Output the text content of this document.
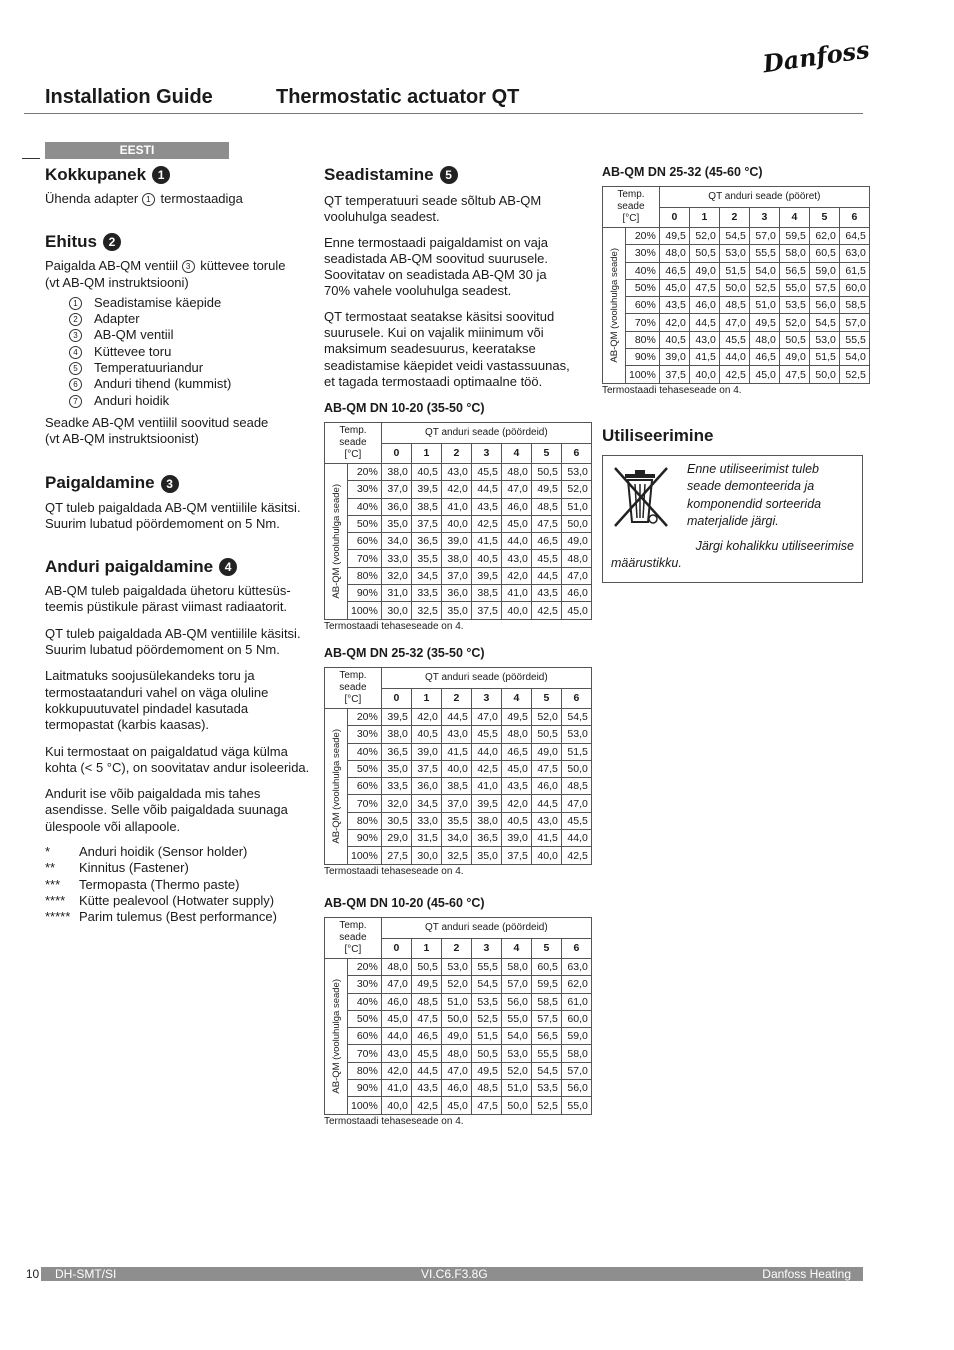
Danfoss
Installation Guide	Thermostatic actuator QT
EESTI
Kokkupanek 1

Ühenda adapter 1 termostaadiga

Ehitus 2

Paigalda AB-QM ventiil 3 küttevee torule

(vt AB-QM instruktsiooni)

1 Seadistamise käepide
2 Adapter
3 AB-QM ventiil
4 Küttevee toru
5 Temperatuuriandur
6 Anduri tihend (kummist)
7 Anduri hoidik

Seadke AB-QM ventiilil soovitud seade

(vt AB-QM instruktsioonist)

Paigaldamine 3

QT tuleb paigaldada AB-QM ventiilile käsitsi.

Suurim lubatud pöördemoment on 5 Nm.

Anduri paigaldamine 4

AB-QM tuleb paigaldada ühetoru küttesüs-
teemis püstikule pärast viimast radiaatorit.

QT tuleb paigaldada AB-QM ventiilile käsitsi.
Suurim lubatud pöördemoment on 5 Nm.

Laitmatuks soojusülekandeks toru ja
termostaatanduri vahel on väga oluline
kokkupuutuvatel pindadel kasutada
termopastat (karbis kaasas).

Kui termostaat on paigaldatud väga külma
kohta (< 5 °C), on soovitatav andur isoleerida.

Andurit ise võib paigaldada mis tahes
asendisse. Selle võib paigaldada suunaga
ülespoole või allapoole.

*	Anduri hoidik (Sensor holder)
**	Kinnitus (Fastener)
***	Termopasta (Thermo paste)
****	Kütte pealevool (Hotwater supply)
***** Parim tulemus (Best performance)
Seadistamine 5

QT temperatuuri seade sõltub AB-QM
vooluhulga seadest.

Enne termostaadi paigaldamist on vaja
seadistada AB-QM soovitud suurusele.
Soovitatav on seadistada AB-QM 30 ja
70% vahele vooluhulga seadest.

QT termostaat seatakse käsitsi soovitud
suurusele. Kui on vajalik miinimum või
maksimum seadesuurus, keeratakse
seadistamise käepidet veidi vastassuunas,
et tagada termostaadi optimaalne töö.

AB-QM DN 10-20 (35-50 °C)
Temp.
seade
[°C]		QT anduri seade (pöördeid)						
		0	1	2	3	4	5	6

AB-QM (vooluhulga seade)	20%	38,0	40,5	43,0	45,5	48,0	50,5	53,0
	30%	37,0	39,5	42,0	44,5	47,0	49,5	52,0
	40%	36,0	38,5	41,0	43,5	46,0	48,5	51,0
	50%	35,0	37,5	40,0	42,5	45,0	47,5	50,0
	60%	34,0	36,5	39,0	41,5	44,0	46,5	49,0
	70%	33,0	35,5	38,0	40,5	43,0	45,5	48,0
	80%	32,0	34,5	37,0	39,5	42,0	44,5	47,0
	90%	31,0	33,5	36,0	38,5	41,0	43,5	46,0
	100%	30,0	32,5	35,0	37,5	40,0	42,5	45,0
Termostaadi tehaseseade on 4.
AB-QM DN 25-32 (35-50 °C)
Temp.
seade
[°C]		QT anduri seade (pöördeid)						
		0	1	2	3	4	5	6

AB-QM (vooluhulga seade)	20%	39,5	42,0	44,5	47,0	49,5	52,0	54,5
	30%	38,0	40,5	43,0	45,5	48,0	50,5	53,0
	40%	36,5	39,0	41,5	44,0	46,5	49,0	51,5
	50%	35,0	37,5	40,0	42,5	45,0	47,5	50,0
	60%	33,5	36,0	38,5	41,0	43,5	46,0	48,5
	70%	32,0	34,5	37,0	39,5	42,0	44,5	47,0
	80%	30,5	33,0	35,5	38,0	40,5	43,0	45,5
	90%	29,0	31,5	34,0	36,5	39,0	41,5	44,0
	100%	27,5	30,0	32,5	35,0	37,5	40,0	42,5
Termostaadi tehaseseade on 4.
AB-QM DN 10-20 (45-60 °C)
Temp.
seade
[°C]		QT anduri seade (pöördeid)						
		0	1	2	3	4	5	6

AB-QM (vooluhulga seade)	20%	48,0	50,5	53,0	55,5	58,0	60,5	63,0
	30%	47,0	49,5	52,0	54,5	57,0	59,5	62,0
	40%	46,0	48,5	51,0	53,5	56,0	58,5	61,0
	50%	45,0	47,5	50,0	52,5	55,0	57,5	60,0
	60%	44,0	46,5	49,0	51,5	54,0	56,5	59,0
	70%	43,0	45,5	48,0	50,5	53,0	55,5	58,0
	80%	42,0	44,5	47,0	49,5	52,0	54,5	57,0
	90%	41,0	43,5	46,0	48,5	51,0	53,5	56,0
	100%	40,0	42,5	45,0	47,5	50,0	52,5	55,0
Termostaadi tehaseseade on 4.
AB-QM DN 25-32 (45-60 °C)
Temp.
seade
[°C]		QT anduri seade (pööret)						
		0	1	2	3	4	5	6

AB-QM (vooluhulga seade)	20%	49,5	52,0	54,5	57,0	59,5	62,0	64,5
	30%	48,0	50,5	53,0	55,5	58,0	60,5	63,0
	40%	46,5	49,0	51,5	54,0	56,5	59,0	61,5
	50%	45,0	47,5	50,0	52,5	55,0	57,5	60,0
	60%	43,5	46,0	48,5	51,0	53,5	56,0	58,5
	70%	42,0	44,5	47,0	49,5	52,0	54,5	57,0
	80%	40,5	43,0	45,5	48,0	50,5	53,0	55,5
	90%	39,0	41,5	44,0	46,5	49,0	51,5	54,0
	100%	37,5	40,0	42,5	45,0	47,5	50,0	52,5
Termostaadi tehaseseade on 4.
Utiliseerimine
Enne utiliseerimist tuleb
seade demonteerida ja
komponendid sorteerida
materjalide järgi.
Järgi kohalikku utiliseerimise
määrustikku.
10 DH-SMT/SI	VI.C6.F3.8G	Danfoss Heating
